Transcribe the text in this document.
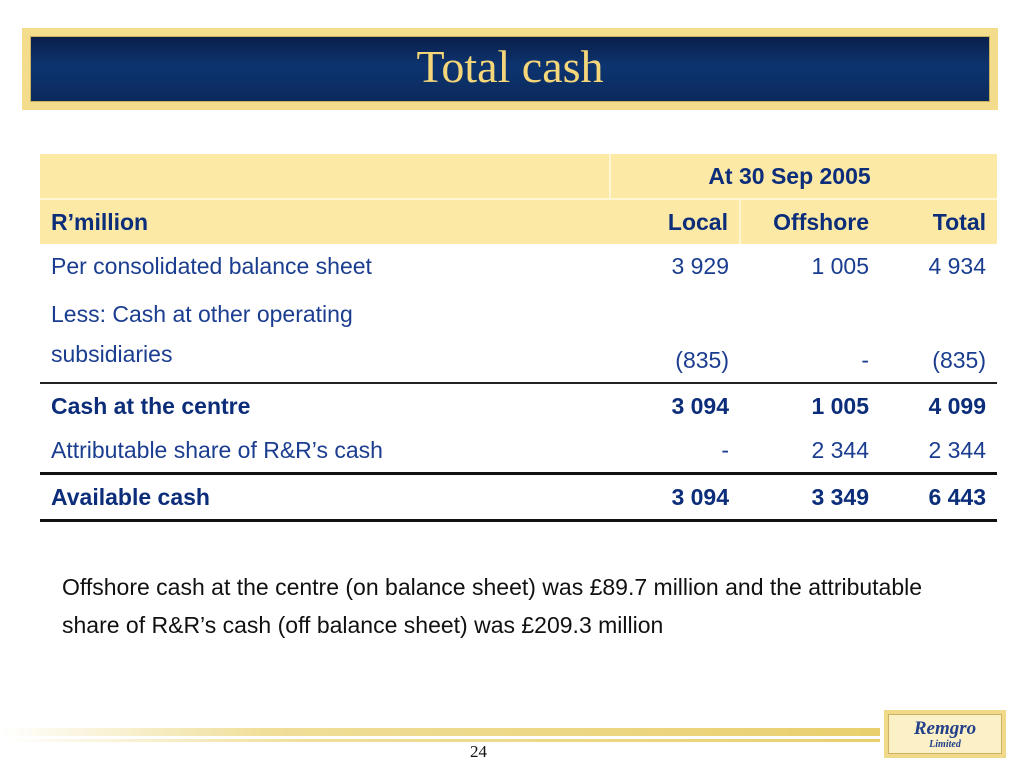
Total cash
	At 30 Sep 2005		
R’million	Local	Offshore	Total
Per consolidated balance sheet	3 929	1 005	4 934
Less: Cash at other operating
subsidiaries	(835)	-	(835)
Cash at the centre	3 094	1 005	4 099
Attributable share of R&R’s cash	-	2 344	2 344
Available cash	3 094	3 349	6 443
Offshore cash at the centre (on balance sheet) was £89.7 million and the attributable share of R&R’s cash (off balance sheet) was £209.3 million
24
Remgro
Limited
